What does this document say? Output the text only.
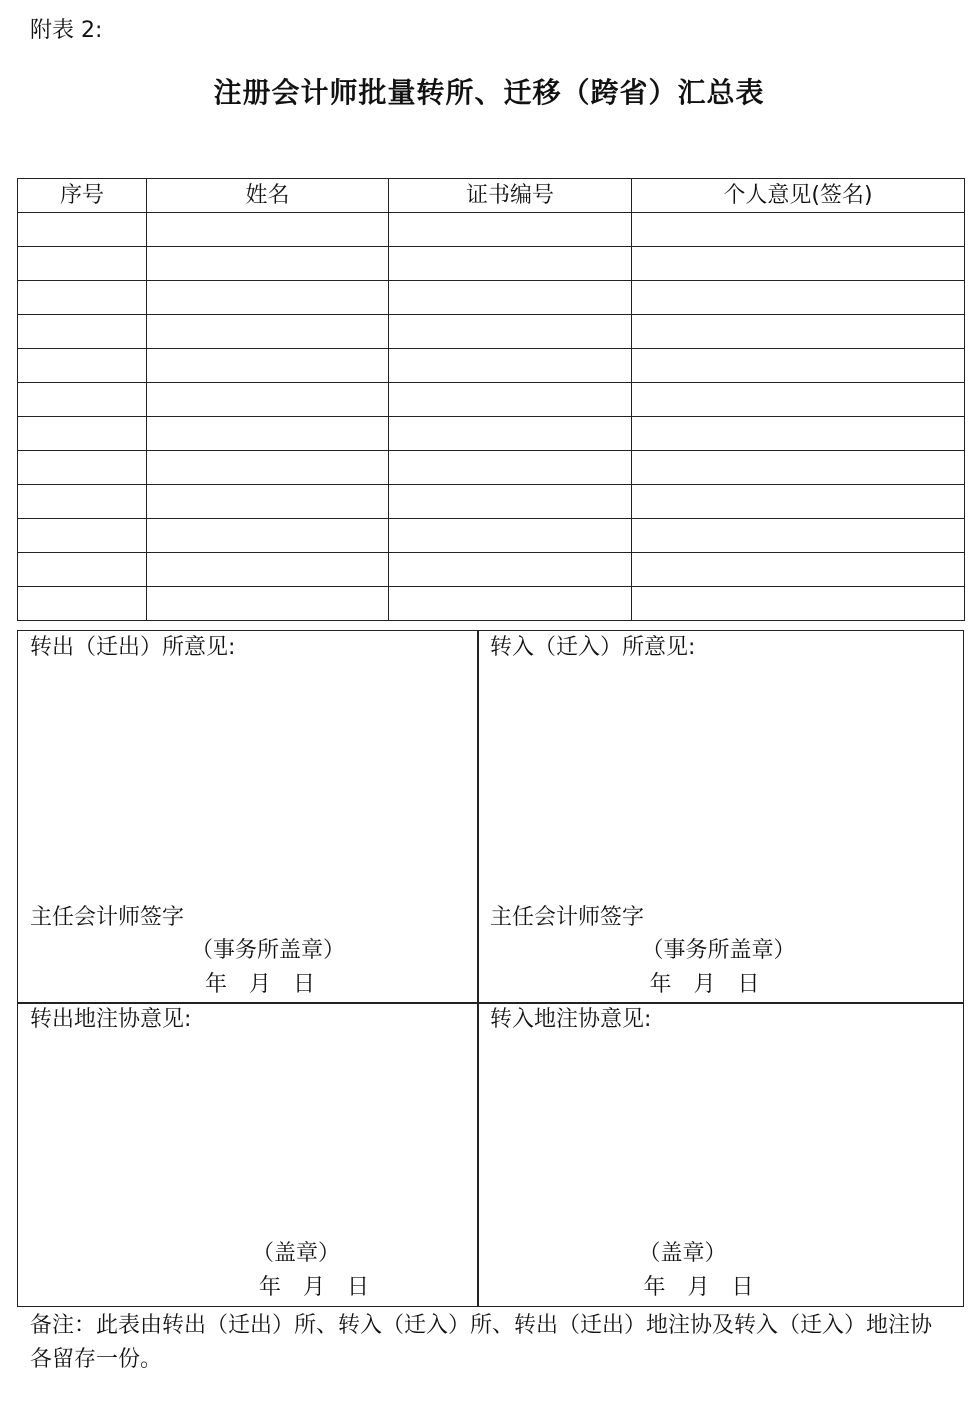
附表 2:
注册会计师批量转所、迁移（跨省）汇总表
序号	姓名	证书编号	个人意见(签名)

转出（迁出）所意见:
主任会计师签字
（事务所盖章）
年　月　日
转入（迁入）所意见:
主任会计师签字
（事务所盖章）
年　月　日
转出地注协意见:
（盖章）
年　月　日
转入地注协意见:
（盖章）
年　月　日
备注：此表由转出（迁出）所、转入（迁入）所、转出（迁出）地注协及转入（迁入）地注协各留存一份。
